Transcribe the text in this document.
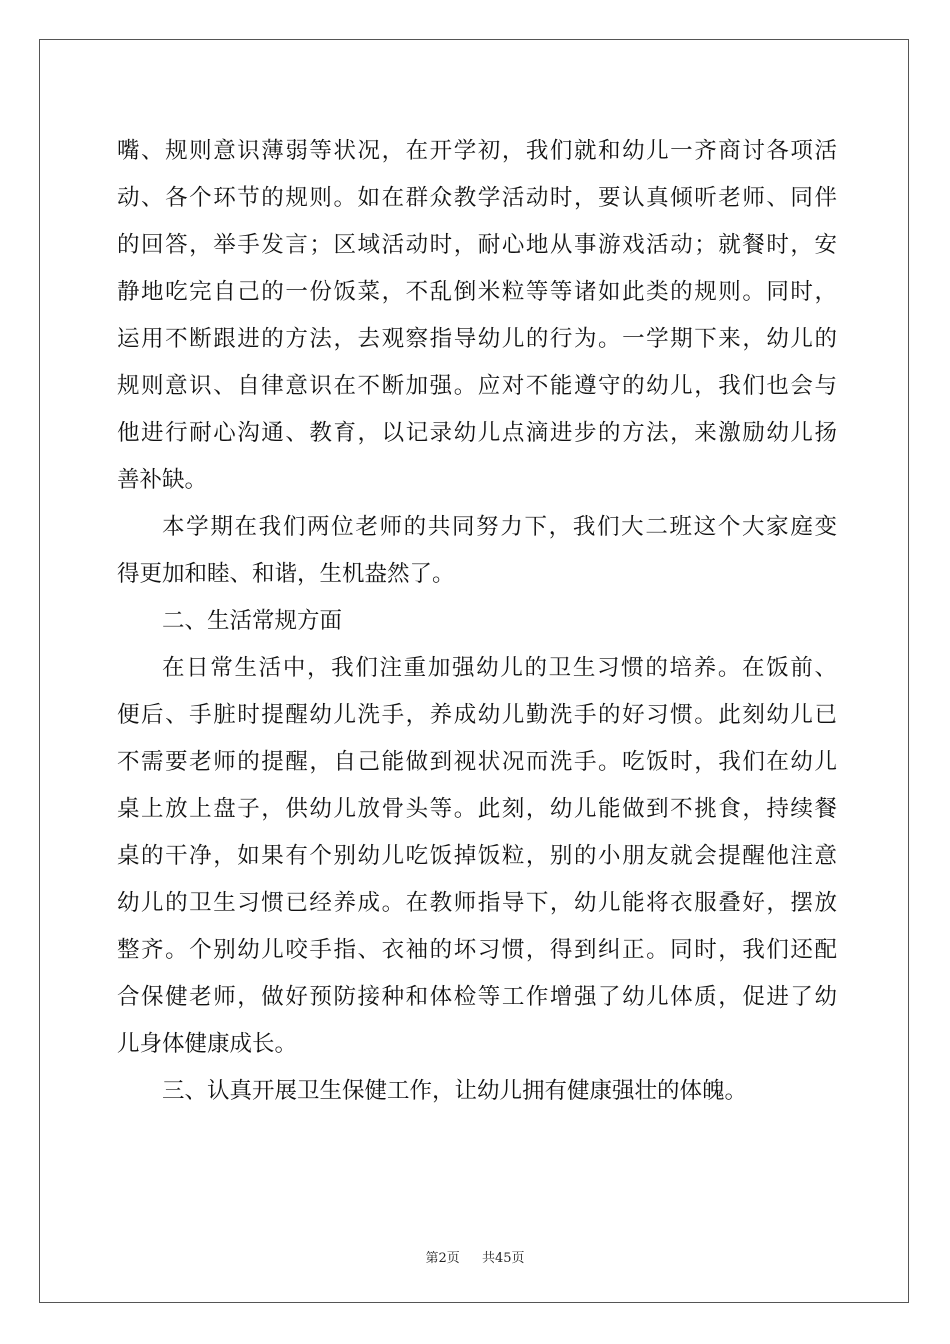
嘴、规则意识薄弱等状况，在开学初，我们就和幼儿一齐商讨各项活
动、各个环节的规则。如在群众教学活动时，要认真倾听老师、同伴
的回答，举手发言；区域活动时，耐心地从事游戏活动；就餐时，安
静地吃完自己的一份饭菜，不乱倒米粒等等诸如此类的规则。同时，
运用不断跟进的方法，去观察指导幼儿的行为。一学期下来，幼儿的
规则意识、自律意识在不断加强。应对不能遵守的幼儿，我们也会与
他进行耐心沟通、教育，以记录幼儿点滴进步的方法，来激励幼儿扬
善补缺。
本学期在我们两位老师的共同努力下，我们大二班这个大家庭变
得更加和睦、和谐，生机盎然了。
二、生活常规方面
在日常生活中，我们注重加强幼儿的卫生习惯的培养。在饭前、
便后、手脏时提醒幼儿洗手，养成幼儿勤洗手的好习惯。此刻幼儿已
不需要老师的提醒，自己能做到视状况而洗手。吃饭时，我们在幼儿
桌上放上盘子，供幼儿放骨头等。此刻，幼儿能做到不挑食，持续餐
桌的干净，如果有个别幼儿吃饭掉饭粒，别的小朋友就会提醒他注意
幼儿的卫生习惯已经养成。在教师指导下，幼儿能将衣服叠好，摆放
整齐。个别幼儿咬手指、衣袖的坏习惯，得到纠正。同时，我们还配
合保健老师，做好预防接种和体检等工作增强了幼儿体质，促进了幼
儿身体健康成长。
三、认真开展卫生保健工作，让幼儿拥有健康强壮的体魄。
第2页 共45页
